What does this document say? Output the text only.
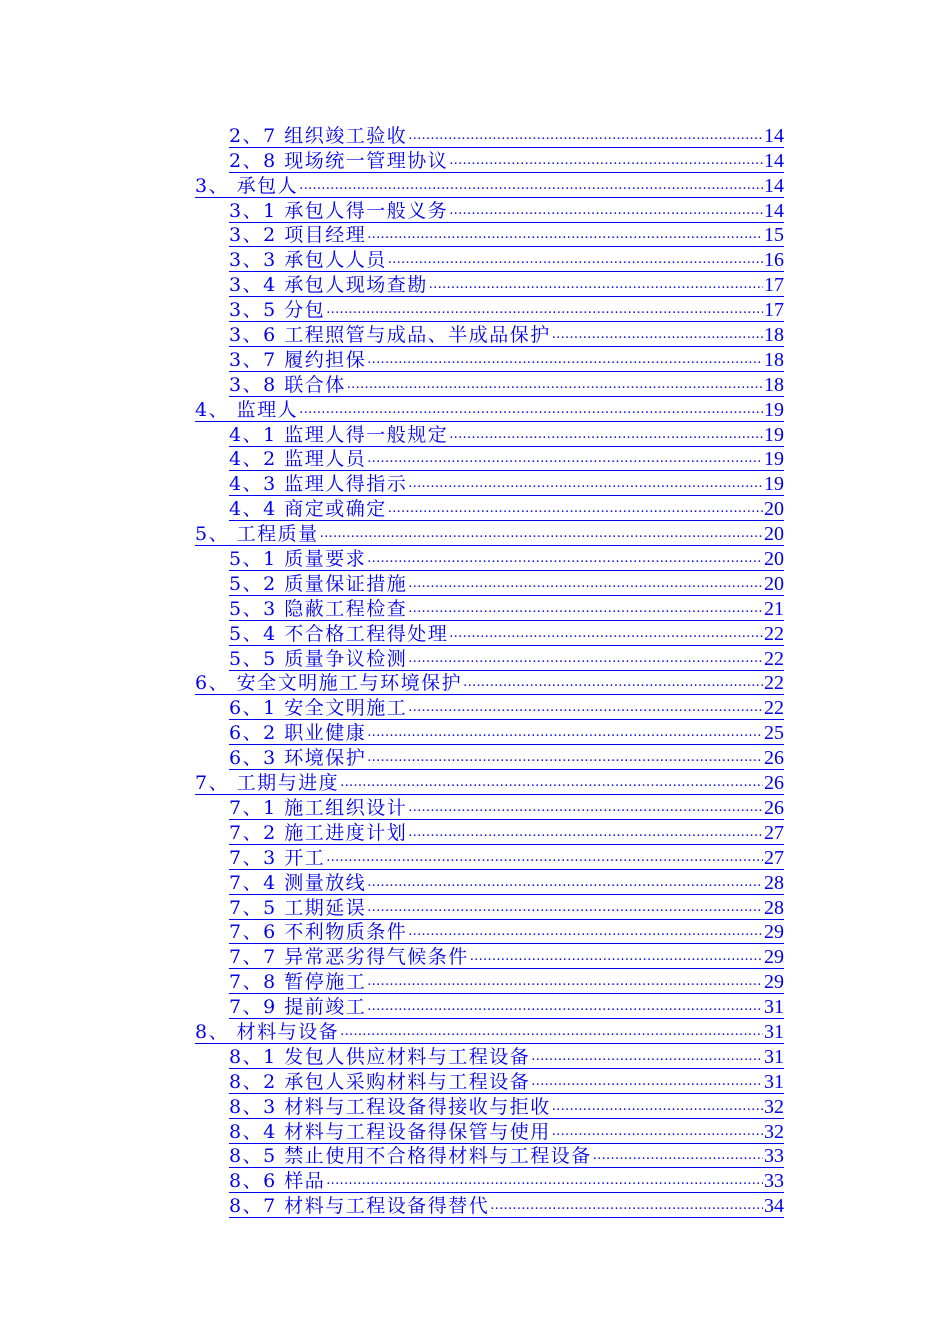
2、7 组织竣工验收 .....	14
2、8 现场统一管理协议 .....	14
3、 承包人 .....	14
3、1 承包人得一般义务 .....	14
3、2 项目经理 .....	15
3、3 承包人人员 .....	16
3、4 承包人现场查勘 .....	17
3、5 分包 .....	17
3、6 工程照管与成品、半成品保护 .....	18
3、7 履约担保 .....	18
3、8 联合体 .....	18
4、 监理人 .....	19
4、1 监理人得一般规定 .....	19
4、2 监理人员 .....	19
4、3 监理人得指示 .....	19
4、4 商定或确定 .....	20
5、 工程质量 .....	20
5、1 质量要求 .....	20
5、2 质量保证措施 .....	20
5、3 隐蔽工程检查 .....	21
5、4 不合格工程得处理 .....	22
5、5 质量争议检测 .....	22
6、 安全文明施工与环境保护 .....	22
6、1 安全文明施工 .....	22
6、2 职业健康 .....	25
6、3 环境保护 .....	26
7、 工期与进度 .....	26
7、1 施工组织设计 .....	26
7、2 施工进度计划 .....	27
7、3 开工 .....	27
7、4 测量放线 .....	28
7、5 工期延误 .....	28
7、6 不利物质条件 .....	29
7、7 异常恶劣得气候条件 .....	29
7、8 暂停施工 .....	29
7、9 提前竣工 .....	31
8、 材料与设备 .....	31
8、1 发包人供应材料与工程设备 .....	31
8、2 承包人采购材料与工程设备 .....	31
8、3 材料与工程设备得接收与拒收 .....	32
8、4 材料与工程设备得保管与使用 .....	32
8、5 禁止使用不合格得材料与工程设备 .....	33
8、6 样品 .....	33
8、7 材料与工程设备得替代 .....	34
